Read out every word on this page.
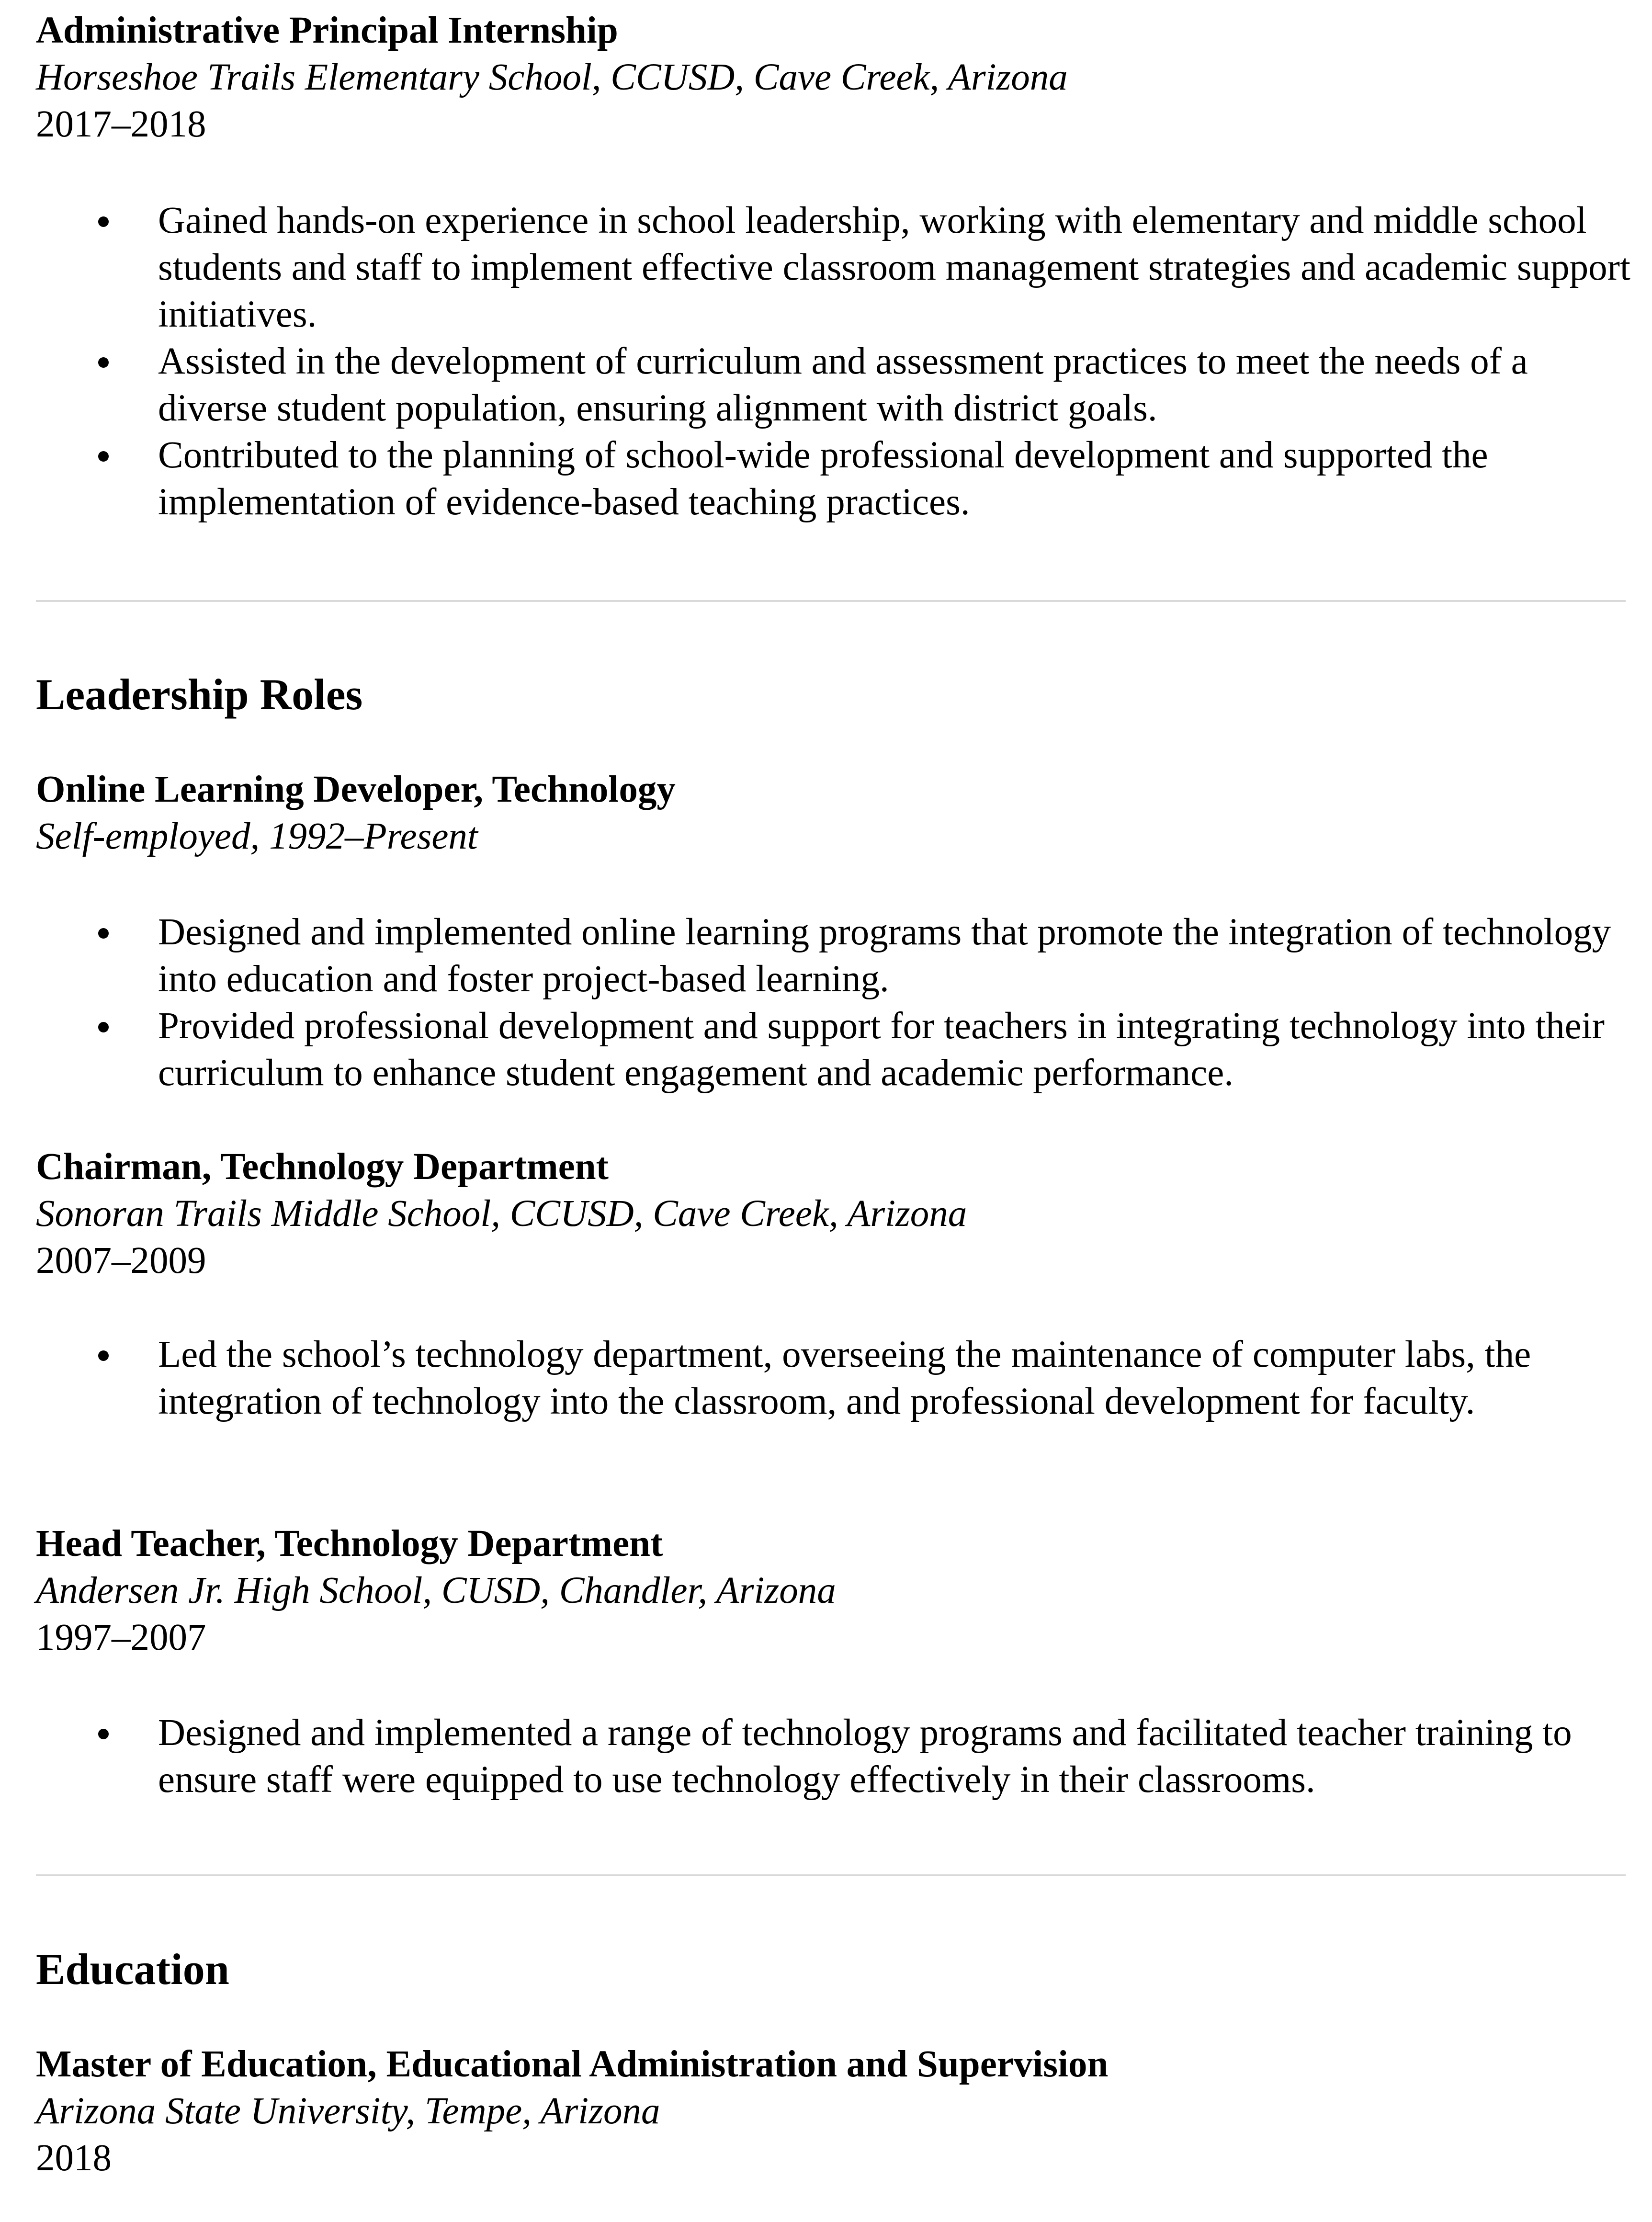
Administrative Principal Internship

Horseshoe Trails Elementary School, CCUSD, Cave Creek, Arizona

2017–2018

Gained hands-on experience in school leadership, working with elementary and middle school students and staff to implement effective classroom management strategies and academic support initiatives.
Assisted in the development of curriculum and assessment practices to meet the needs of a diverse student population, ensuring alignment with district goals.
Contributed to the planning of school-wide professional development and supported the implementation of evidence-based teaching practices.
Leadership Roles

Online Learning Developer, Technology

Self-employed, 1992–Present

Designed and implemented online learning programs that promote the integration of technology into education and foster project-based learning.
Provided professional development and support for teachers in integrating technology into their curriculum to enhance student engagement and academic performance.

Chairman, Technology Department

Sonoran Trails Middle School, CCUSD, Cave Creek, Arizona

2007–2009

Led the school’s technology department, overseeing the maintenance of computer labs, the integration of technology into the classroom, and professional development for faculty.

Head Teacher, Technology Department

Andersen Jr. High School, CUSD, Chandler, Arizona

1997–2007

Designed and implemented a range of technology programs and facilitated teacher training to ensure staff were equipped to use technology effectively in their classrooms.
Education

Master of Education, Educational Administration and Supervision

Arizona State University, Tempe, Arizona

2018
